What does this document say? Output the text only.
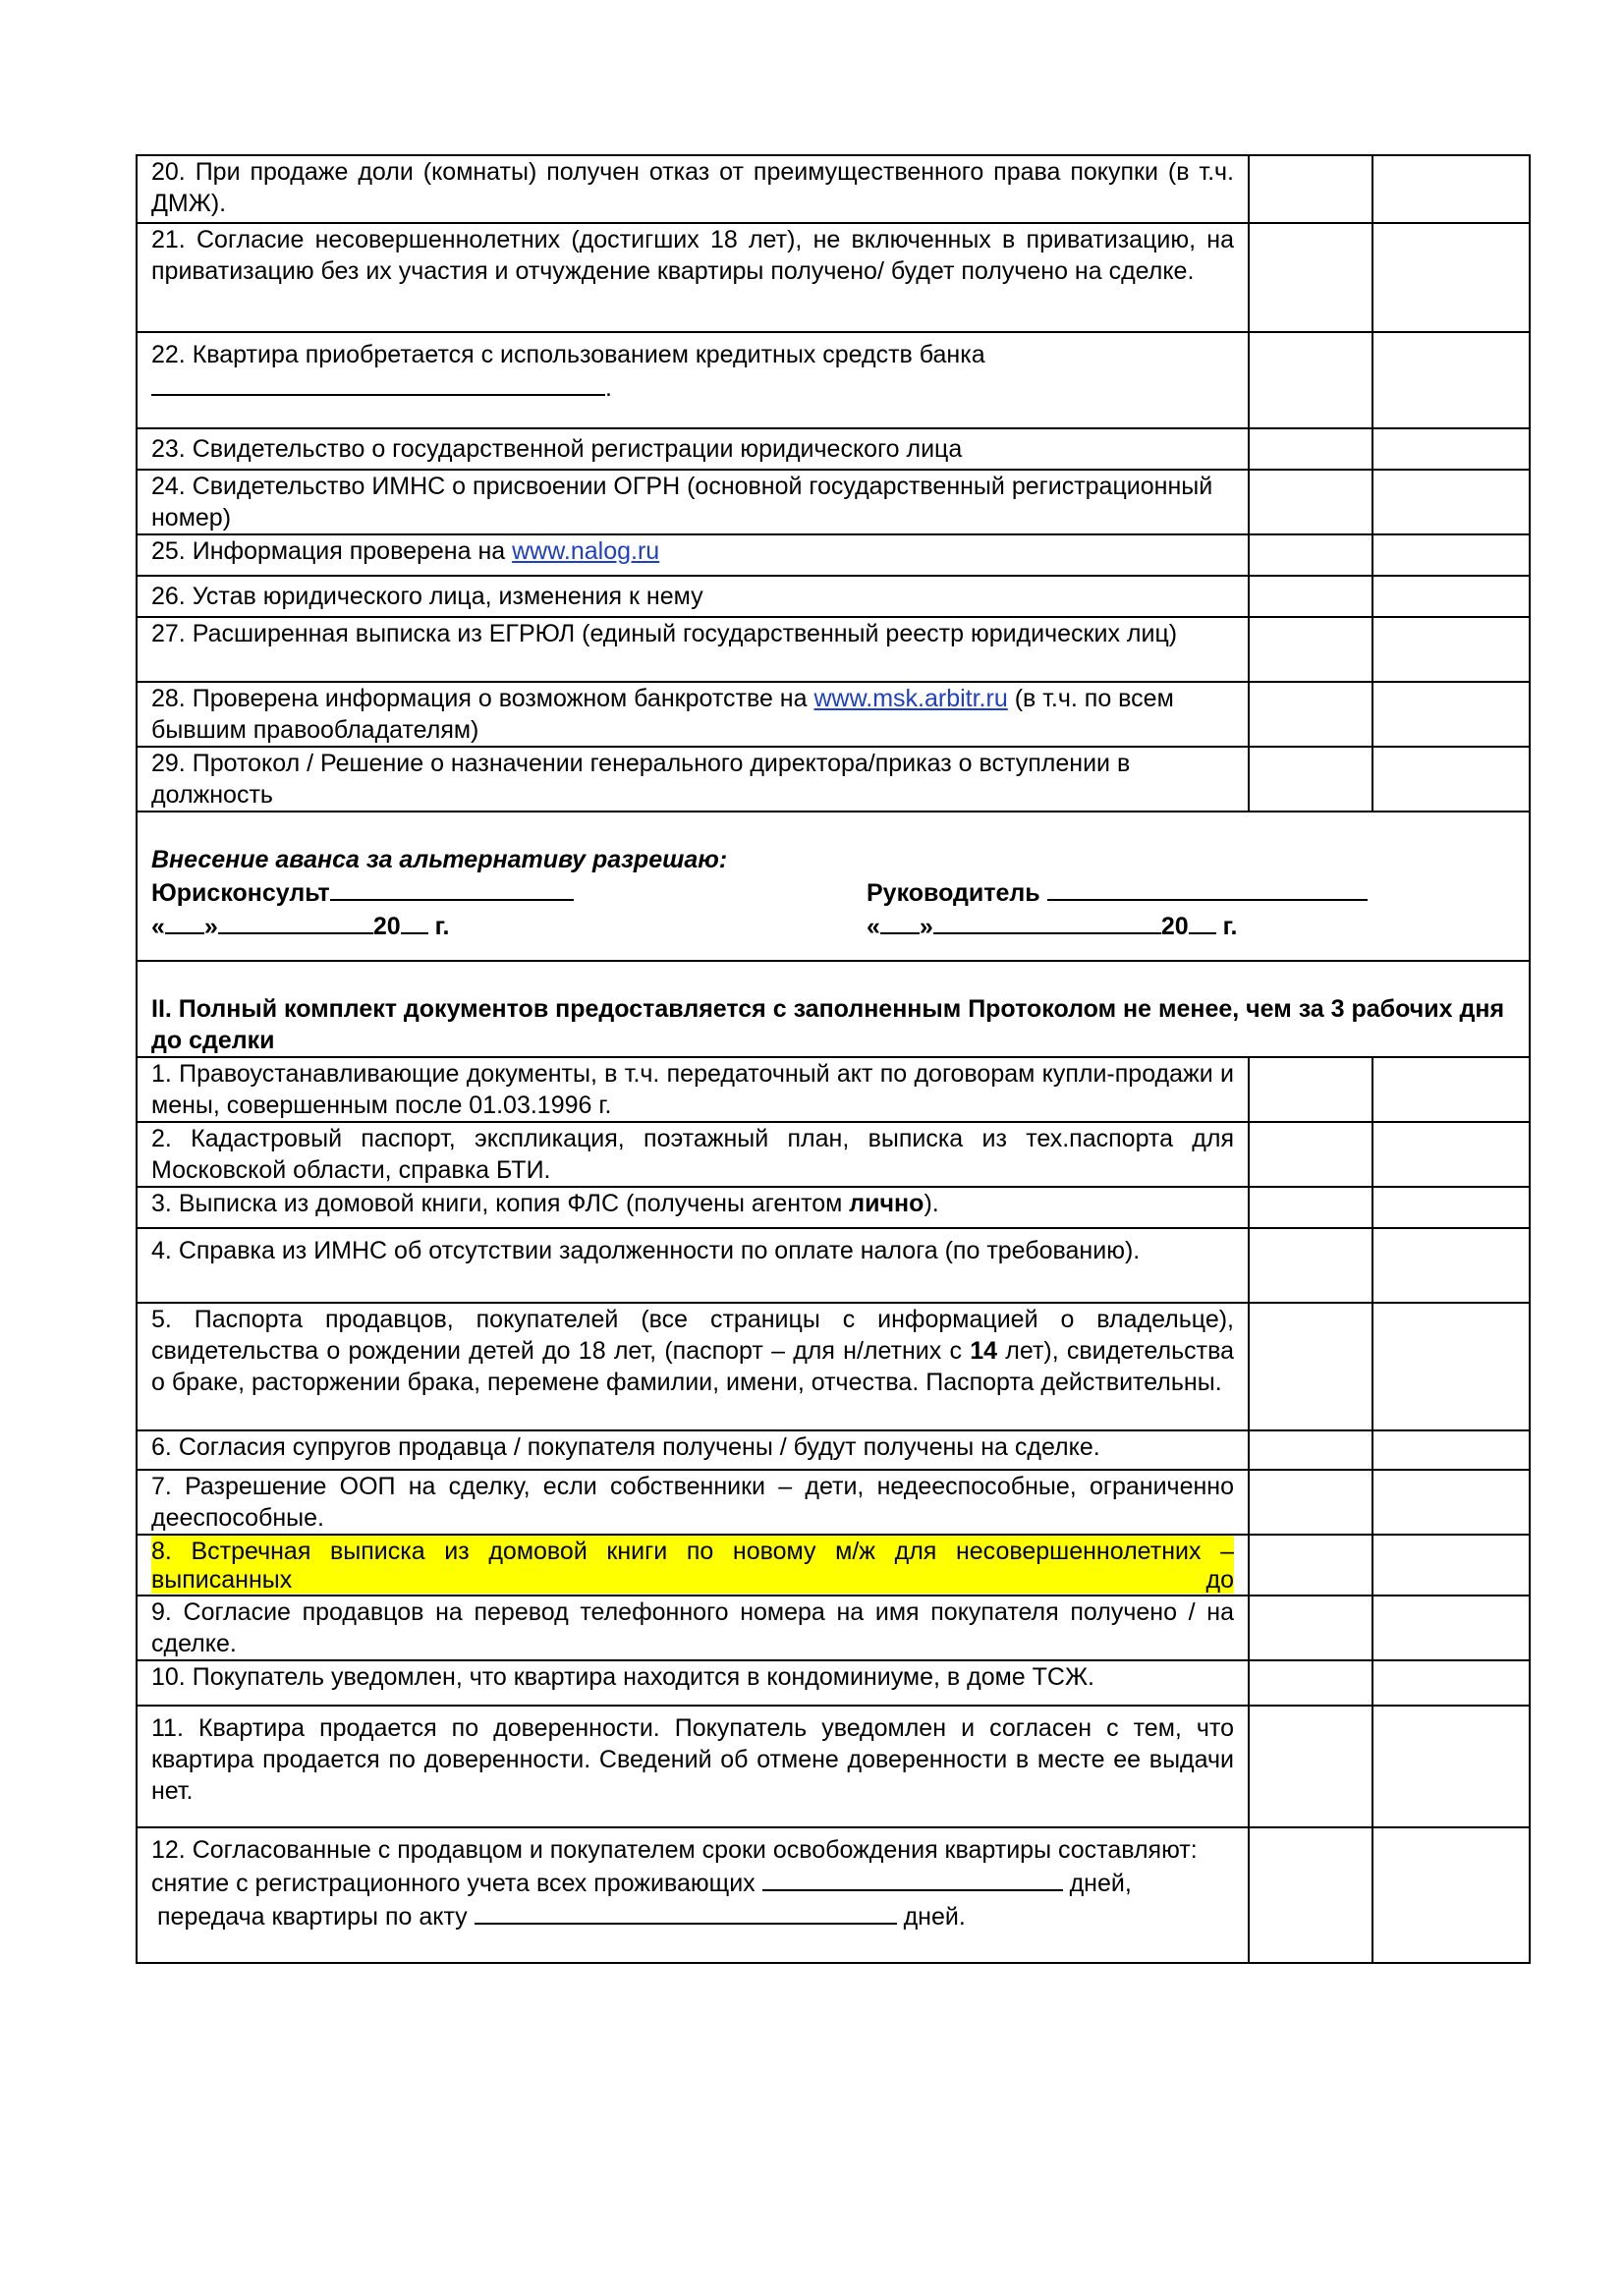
20. При продаже доли (комнаты) получен отказ от преимущественного права покупки (в т.ч. ДМЖ).		
21. Согласие несовершеннолетних (достигших 18 лет), не включенных в приватизацию, на приватизацию без их участия и отчуждение квартиры получено/ будет получено на сделке.		
22. Квартира приобретается с использованием кредитных средств банка
.		
23. Свидетельство о государственной регистрации юридического лица		
24. Свидетельство ИМНС о присвоении ОГРН (основной государственный регистрационный номер)		
25. Информация проверена на www.nalog.ru		
26. Устав юридического лица, изменения к нему		
27. Расширенная выписка из ЕГРЮЛ (единый государственный реестр юридических лиц)		
28. Проверена информация о возможном банкротстве на www.msk.arbitr.ru (в т.ч. по всем бывшим правообладателям)		
29. Протокол / Решение о назначении генерального директора/приказ о вступлении в должность		

Внесение аванса за альтернативу разрешаю:
Юрисконсульт Руководитель
« » 20 г. « » 20 г.		

II. Полный комплект документов предоставляется с заполненным Протоколом не менее, чем за 3 рабочих дня до сделки		
1. Правоустанавливающие документы, в т.ч. передаточный акт по договорам купли-продажи и мены, совершенным после 01.03.1996 г.		
2. Кадастровый паспорт, экспликация, поэтажный план, выписка из тех.паспорта для Московской области, справка БТИ.		
3. Выписка из домовой книги, копия ФЛС (получены агентом лично).		
4. Справка из ИМНС об отсутствии задолженности по оплате налога (по требованию).		
5. Паспорта продавцов, покупателей (все страницы с информацией о владельце), свидетельства о рождении детей до 18 лет, (паспорт – для н/летних с 14 лет), свидетельства о браке, расторжении брака, перемене фамилии, имени, отчества. Паспорта действительны.		
6. Согласия супругов продавца / покупателя получены / будут получены на сделке.		
7. Разрешение ООП на сделку, если собственники – дети, недееспособные, ограниченно дееспособные.		

8. Встречная выписка из домовой книги по новому м/ж для несовершеннолетних –
выписанных до		

9. Согласие продавцов на перевод телефонного номера на имя покупателя получено / на сделке.		
10. Покупатель уведомлен, что квартира находится в кондоминиуме, в доме ТСЖ.		
11. Квартира продается по доверенности. Покупатель уведомлен и согласен с тем, что квартира продается по доверенности. Сведений об отмене доверенности в месте ее выдачи нет.		

12. Согласованные с продавцом и покупателем сроки освобождения квартиры составляют:
снятие с регистрационного учета всех проживающих дней,
передача квартиры по акту дней.		
